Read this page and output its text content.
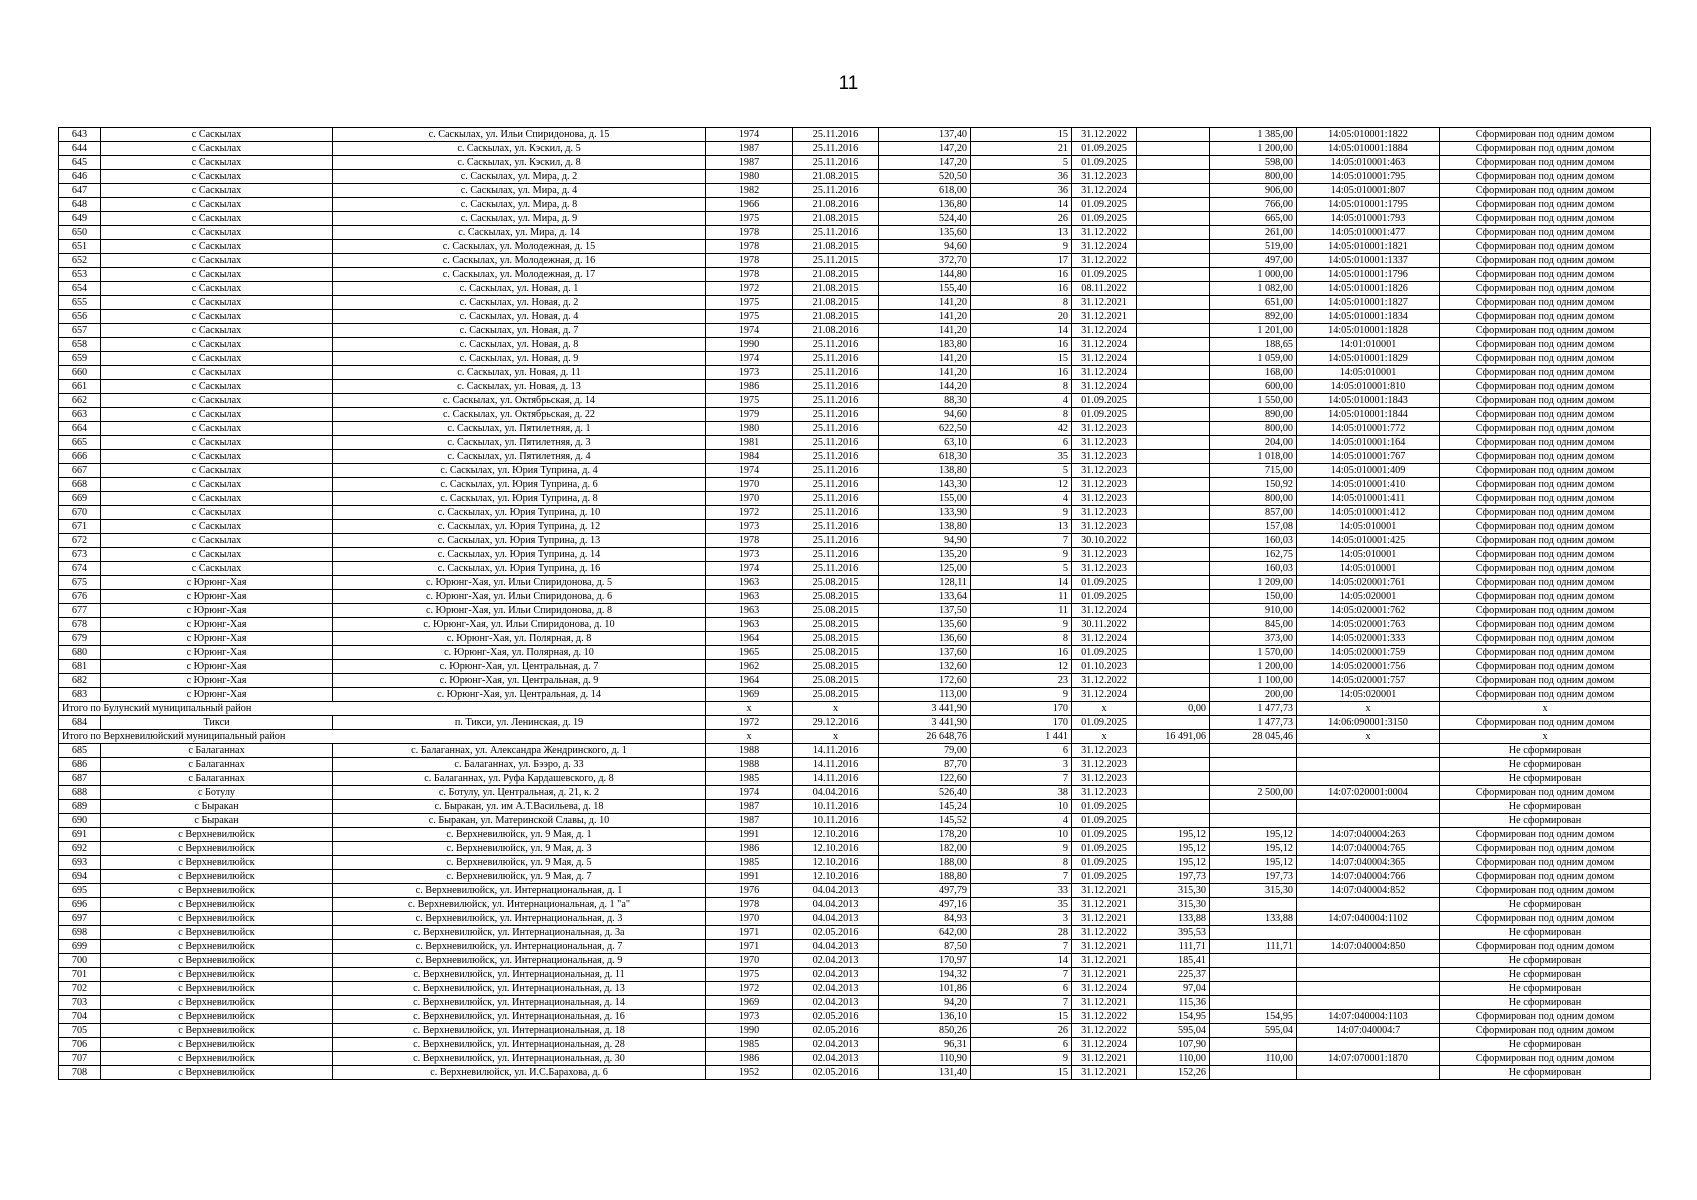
11
643	с Саскылах	с. Саскылах, ул. Ильи Спиридонова, д. 15	1974	25.11.2016	137,40	15	31.12.2022		1 385,00	14:05:010001:1822	Сформирован под одним домом
644	с Саскылах	с. Саскылах, ул. Кэскил, д. 5	1987	25.11.2016	147,20	21	01.09.2025		1 200,00	14:05:010001:1884	Сформирован под одним домом
645	с Саскылах	с. Саскылах, ул. Кэскил, д. 8	1987	25.11.2016	147,20	5	01.09.2025		598,00	14:05:010001:463	Сформирован под одним домом
646	с Саскылах	с. Саскылах, ул. Мира, д. 2	1980	21.08.2015	520,50	36	31.12.2023		800,00	14:05:010001:795	Сформирован под одним домом
647	с Саскылах	с. Саскылах, ул. Мира, д. 4	1982	25.11.2016	618,00	36	31.12.2024		906,00	14:05:010001:807	Сформирован под одним домом
648	с Саскылах	с. Саскылах, ул. Мира, д. 8	1966	21.08.2016	136,80	14	01.09.2025		766,00	14:05:010001:1795	Сформирован под одним домом
649	с Саскылах	с. Саскылах, ул. Мира, д. 9	1975	21.08.2015	524,40	26	01.09.2025		665,00	14:05:010001:793	Сформирован под одним домом
650	с Саскылах	с. Саскылах, ул. Мира, д. 14	1978	25.11.2016	135,60	13	31.12.2022		261,00	14:05:010001:477	Сформирован под одним домом
651	с Саскылах	с. Саскылах, ул. Молодежная, д. 15	1978	21.08.2015	94,60	9	31.12.2024		519,00	14:05:010001:1821	Сформирован под одним домом
652	с Саскылах	с. Саскылах, ул. Молодежная, д. 16	1978	25.11.2015	372,70	17	31.12.2022		497,00	14:05:010001:1337	Сформирован под одним домом
653	с Саскылах	с. Саскылах, ул. Молодежная, д. 17	1978	21.08.2015	144,80	16	01.09.2025		1 000,00	14:05:010001:1796	Сформирован под одним домом
654	с Саскылах	с. Саскылах, ул. Новая, д. 1	1972	21.08.2015	155,40	16	08.11.2022		1 082,00	14:05:010001:1826	Сформирован под одним домом
655	с Саскылах	с. Саскылах, ул. Новая, д. 2	1975	21.08.2015	141,20	8	31.12.2021		651,00	14:05:010001:1827	Сформирован под одним домом
656	с Саскылах	с. Саскылах, ул. Новая, д. 4	1975	21.08.2015	141,20	20	31.12.2021		892,00	14:05:010001:1834	Сформирован под одним домом
657	с Саскылах	с. Саскылах, ул. Новая, д. 7	1974	21.08.2016	141,20	14	31.12.2024		1 201,00	14:05:010001:1828	Сформирован под одним домом
658	с Саскылах	с. Саскылах, ул. Новая, д. 8	1990	25.11.2016	183,80	16	31.12.2024		188,65	14:01:010001	Сформирован под одним домом
659	с Саскылах	с. Саскылах, ул. Новая, д. 9	1974	25.11.2016	141,20	15	31.12.2024		1 059,00	14:05:010001:1829	Сформирован под одним домом
660	с Саскылах	с. Саскылах, ул. Новая, д. 11	1973	25.11.2016	141,20	16	31.12.2024		168,00	14:05:010001	Сформирован под одним домом
661	с Саскылах	с. Саскылах, ул. Новая, д. 13	1986	25.11.2016	144,20	8	31.12.2024		600,00	14:05:010001:810	Сформирован под одним домом
662	с Саскылах	с. Саскылах, ул. Октябрьская, д. 14	1975	25.11.2016	88,30	4	01.09.2025		1 550,00	14:05:010001:1843	Сформирован под одним домом
663	с Саскылах	с. Саскылах, ул. Октябрьская, д. 22	1979	25.11.2016	94,60	8	01.09.2025		890,00	14:05:010001:1844	Сформирован под одним домом
664	с Саскылах	с. Саскылах, ул. Пятилетняя, д. 1	1980	25.11.2016	622,50	42	31.12.2023		800,00	14:05:010001:772	Сформирован под одним домом
665	с Саскылах	с. Саскылах, ул. Пятилетняя, д. 3	1981	25.11.2016	63,10	6	31.12.2023		204,00	14:05:010001:164	Сформирован под одним домом
666	с Саскылах	с. Саскылах, ул. Пятилетняя, д. 4	1984	25.11.2016	618,30	35	31.12.2023		1 018,00	14:05:010001:767	Сформирован под одним домом
667	с Саскылах	с. Саскылах, ул. Юрия Туприна, д. 4	1974	25.11.2016	138,80	5	31.12.2023		715,00	14:05:010001:409	Сформирован под одним домом
668	с Саскылах	с. Саскылах, ул. Юрия Туприна, д. 6	1970	25.11.2016	143,30	12	31.12.2023		150,92	14:05:010001:410	Сформирован под одним домом
669	с Саскылах	с. Саскылах, ул. Юрия Туприна, д. 8	1970	25.11.2016	155,00	4	31.12.2023		800,00	14:05:010001:411	Сформирован под одним домом
670	с Саскылах	с. Саскылах, ул. Юрия Туприна, д. 10	1972	25.11.2016	133,90	9	31.12.2023		857,00	14:05:010001:412	Сформирован под одним домом
671	с Саскылах	с. Саскылах, ул. Юрия Туприна, д. 12	1973	25.11.2016	138,80	13	31.12.2023		157,08	14:05:010001	Сформирован под одним домом
672	с Саскылах	с. Саскылах, ул. Юрия Туприна, д. 13	1978	25.11.2016	94,90	7	30.10.2022		160,03	14:05:010001:425	Сформирован под одним домом
673	с Саскылах	с. Саскылах, ул. Юрия Туприна, д. 14	1973	25.11.2016	135,20	9	31.12.2023		162,75	14:05:010001	Сформирован под одним домом
674	с Саскылах	с. Саскылах, ул. Юрия Туприна, д. 16	1974	25.11.2016	125,00	5	31.12.2023		160,03	14:05:010001	Сформирован под одним домом
675	с Юрюнг-Хая	с. Юрюнг-Хая, ул. Ильи Спиридонова, д. 5	1963	25.08.2015	128,11	14	01.09.2025		1 209,00	14:05:020001:761	Сформирован под одним домом
676	с Юрюнг-Хая	с. Юрюнг-Хая, ул. Ильи Спиридонова, д. 6	1963	25.08.2015	133,64	11	01.09.2025		150,00	14:05:020001	Сформирован под одним домом
677	с Юрюнг-Хая	с. Юрюнг-Хая, ул. Ильи Спиридонова, д. 8	1963	25.08.2015	137,50	11	31.12.2024		910,00	14:05:020001:762	Сформирован под одним домом
678	с Юрюнг-Хая	с. Юрюнг-Хая, ул. Ильи Спиридонова, д. 10	1963	25.08.2015	135,60	9	30.11.2022		845,00	14:05:020001:763	Сформирован под одним домом
679	с Юрюнг-Хая	с. Юрюнг-Хая, ул. Полярная, д. 8	1964	25.08.2015	136,60	8	31.12.2024		373,00	14:05:020001:333	Сформирован под одним домом
680	с Юрюнг-Хая	с. Юрюнг-Хая, ул. Полярная, д. 10	1965	25.08.2015	137,60	16	01.09.2025		1 570,00	14:05:020001:759	Сформирован под одним домом
681	с Юрюнг-Хая	с. Юрюнг-Хая, ул. Центральная, д. 7	1962	25.08.2015	132,60	12	01.10.2023		1 200,00	14:05:020001:756	Сформирован под одним домом
682	с Юрюнг-Хая	с. Юрюнг-Хая, ул. Центральная, д. 9	1964	25.08.2015	172,60	23	31.12.2022		1 100,00	14:05:020001:757	Сформирован под одним домом
683	с Юрюнг-Хая	с. Юрюнг-Хая, ул. Центральная, д. 14	1969	25.08.2015	113,00	9	31.12.2024		200,00	14:05:020001	Сформирован под одним домом
Итого по Булунский муниципальный район			х	х	3 441,90	170	х	0,00	1 477,73	х	х
684	Тикси	п. Тикси, ул. Ленинская, д. 19	1972	29.12.2016	3 441,90	170	01.09.2025		1 477,73	14:06:090001:3150	Сформирован под одним домом
Итого по Верхневилюйский муниципальный район			х	х	26 648,76	1 441	х	16 491,06	28 045,46	х	х
685	с Балаганнах	с. Балаганнах, ул. Александра Жендринского, д. 1	1988	14.11.2016	79,00	6	31.12.2023				Не сформирован
686	с Балаганнах	с. Балаганнах, ул. Бээро, д. 33	1988	14.11.2016	87,70	3	31.12.2023				Не сформирован
687	с Балаганнах	с. Балаганнах, ул. Руфа Кардашевского, д. 8	1985	14.11.2016	122,60	7	31.12.2023				Не сформирован
688	с Ботулу	с. Ботулу, ул. Центральная, д. 21, к. 2	1974	04.04.2016	526,40	38	31.12.2023		2 500,00	14:07:020001:0004	Сформирован под одним домом
689	с Быракан	с. Быракан, ул. им А.Т.Васильева, д. 18	1987	10.11.2016	145,24	10	01.09.2025				Не сформирован
690	с Быракан	с. Быракан, ул. Материнской Славы, д. 10	1987	10.11.2016	145,52	4	01.09.2025				Не сформирован
691	с Верхневилюйск	с. Верхневилюйск, ул. 9 Мая, д. 1	1991	12.10.2016	178,20	10	01.09.2025	195,12	195,12	14:07:040004:263	Сформирован под одним домом
692	с Верхневилюйск	с. Верхневилюйск, ул. 9 Мая, д. 3	1986	12.10.2016	182,00	9	01.09.2025	195,12	195,12	14:07:040004:765	Сформирован под одним домом
693	с Верхневилюйск	с. Верхневилюйск, ул. 9 Мая, д. 5	1985	12.10.2016	188,00	8	01.09.2025	195,12	195,12	14:07:040004:365	Сформирован под одним домом
694	с Верхневилюйск	с. Верхневилюйск, ул. 9 Мая, д. 7	1991	12.10.2016	188,80	7	01.09.2025	197,73	197,73	14:07:040004:766	Сформирован под одним домом
695	с Верхневилюйск	с. Верхневилюйск, ул. Интернациональная, д. 1	1976	04.04.2013	497,79	33	31.12.2021	315,30	315,30	14:07:040004:852	Сформирован под одним домом
696	с Верхневилюйск	с. Верхневилюйск, ул. Интернациональная, д. 1 "а"	1978	04.04.2013	497,16	35	31.12.2021	315,30			Не сформирован
697	с Верхневилюйск	с. Верхневилюйск, ул. Интернациональная, д. 3	1970	04.04.2013	84,93	3	31.12.2021	133,88	133,88	14:07:040004:1102	Сформирован под одним домом
698	с Верхневилюйск	с. Верхневилюйск, ул. Интернациональная, д. 3а	1971	02.05.2016	642,00	28	31.12.2022	395,53			Не сформирован
699	с Верхневилюйск	с. Верхневилюйск, ул. Интернациональная, д. 7	1971	04.04.2013	87,50	7	31.12.2021	111,71	111,71	14:07:040004:850	Сформирован под одним домом
700	с Верхневилюйск	с. Верхневилюйск, ул. Интернациональная, д. 9	1970	02.04.2013	170,97	14	31.12.2021	185,41			Не сформирован
701	с Верхневилюйск	с. Верхневилюйск, ул. Интернациональная, д. 11	1975	02.04.2013	194,32	7	31.12.2021	225,37			Не сформирован
702	с Верхневилюйск	с. Верхневилюйск, ул. Интернациональная, д. 13	1972	02.04.2013	101,86	6	31.12.2024	97,04			Не сформирован
703	с Верхневилюйск	с. Верхневилюйск, ул. Интернациональная, д. 14	1969	02.04.2013	94,20	7	31.12.2021	115,36			Не сформирован
704	с Верхневилюйск	с. Верхневилюйск, ул. Интернациональная, д. 16	1973	02.05.2016	136,10	15	31.12.2022	154,95	154,95	14:07:040004:1103	Сформирован под одним домом
705	с Верхневилюйск	с. Верхневилюйск, ул. Интернациональная, д. 18	1990	02.05.2016	850,26	26	31.12.2022	595,04	595,04	14:07:040004:7	Сформирован под одним домом
706	с Верхневилюйск	с. Верхневилюйск, ул. Интернациональная, д. 28	1985	02.04.2013	96,31	6	31.12.2024	107,90			Не сформирован
707	с Верхневилюйск	с. Верхневилюйск, ул. Интернациональная, д. 30	1986	02.04.2013	110,90	9	31.12.2021	110,00	110,00	14:07:070001:1870	Сформирован под одним домом
708	с Верхневилюйск	с. Верхневилюйск, ул. И.С.Барахова, д. 6	1952	02.05.2016	131,40	15	31.12.2021	152,26			Не сформирован
